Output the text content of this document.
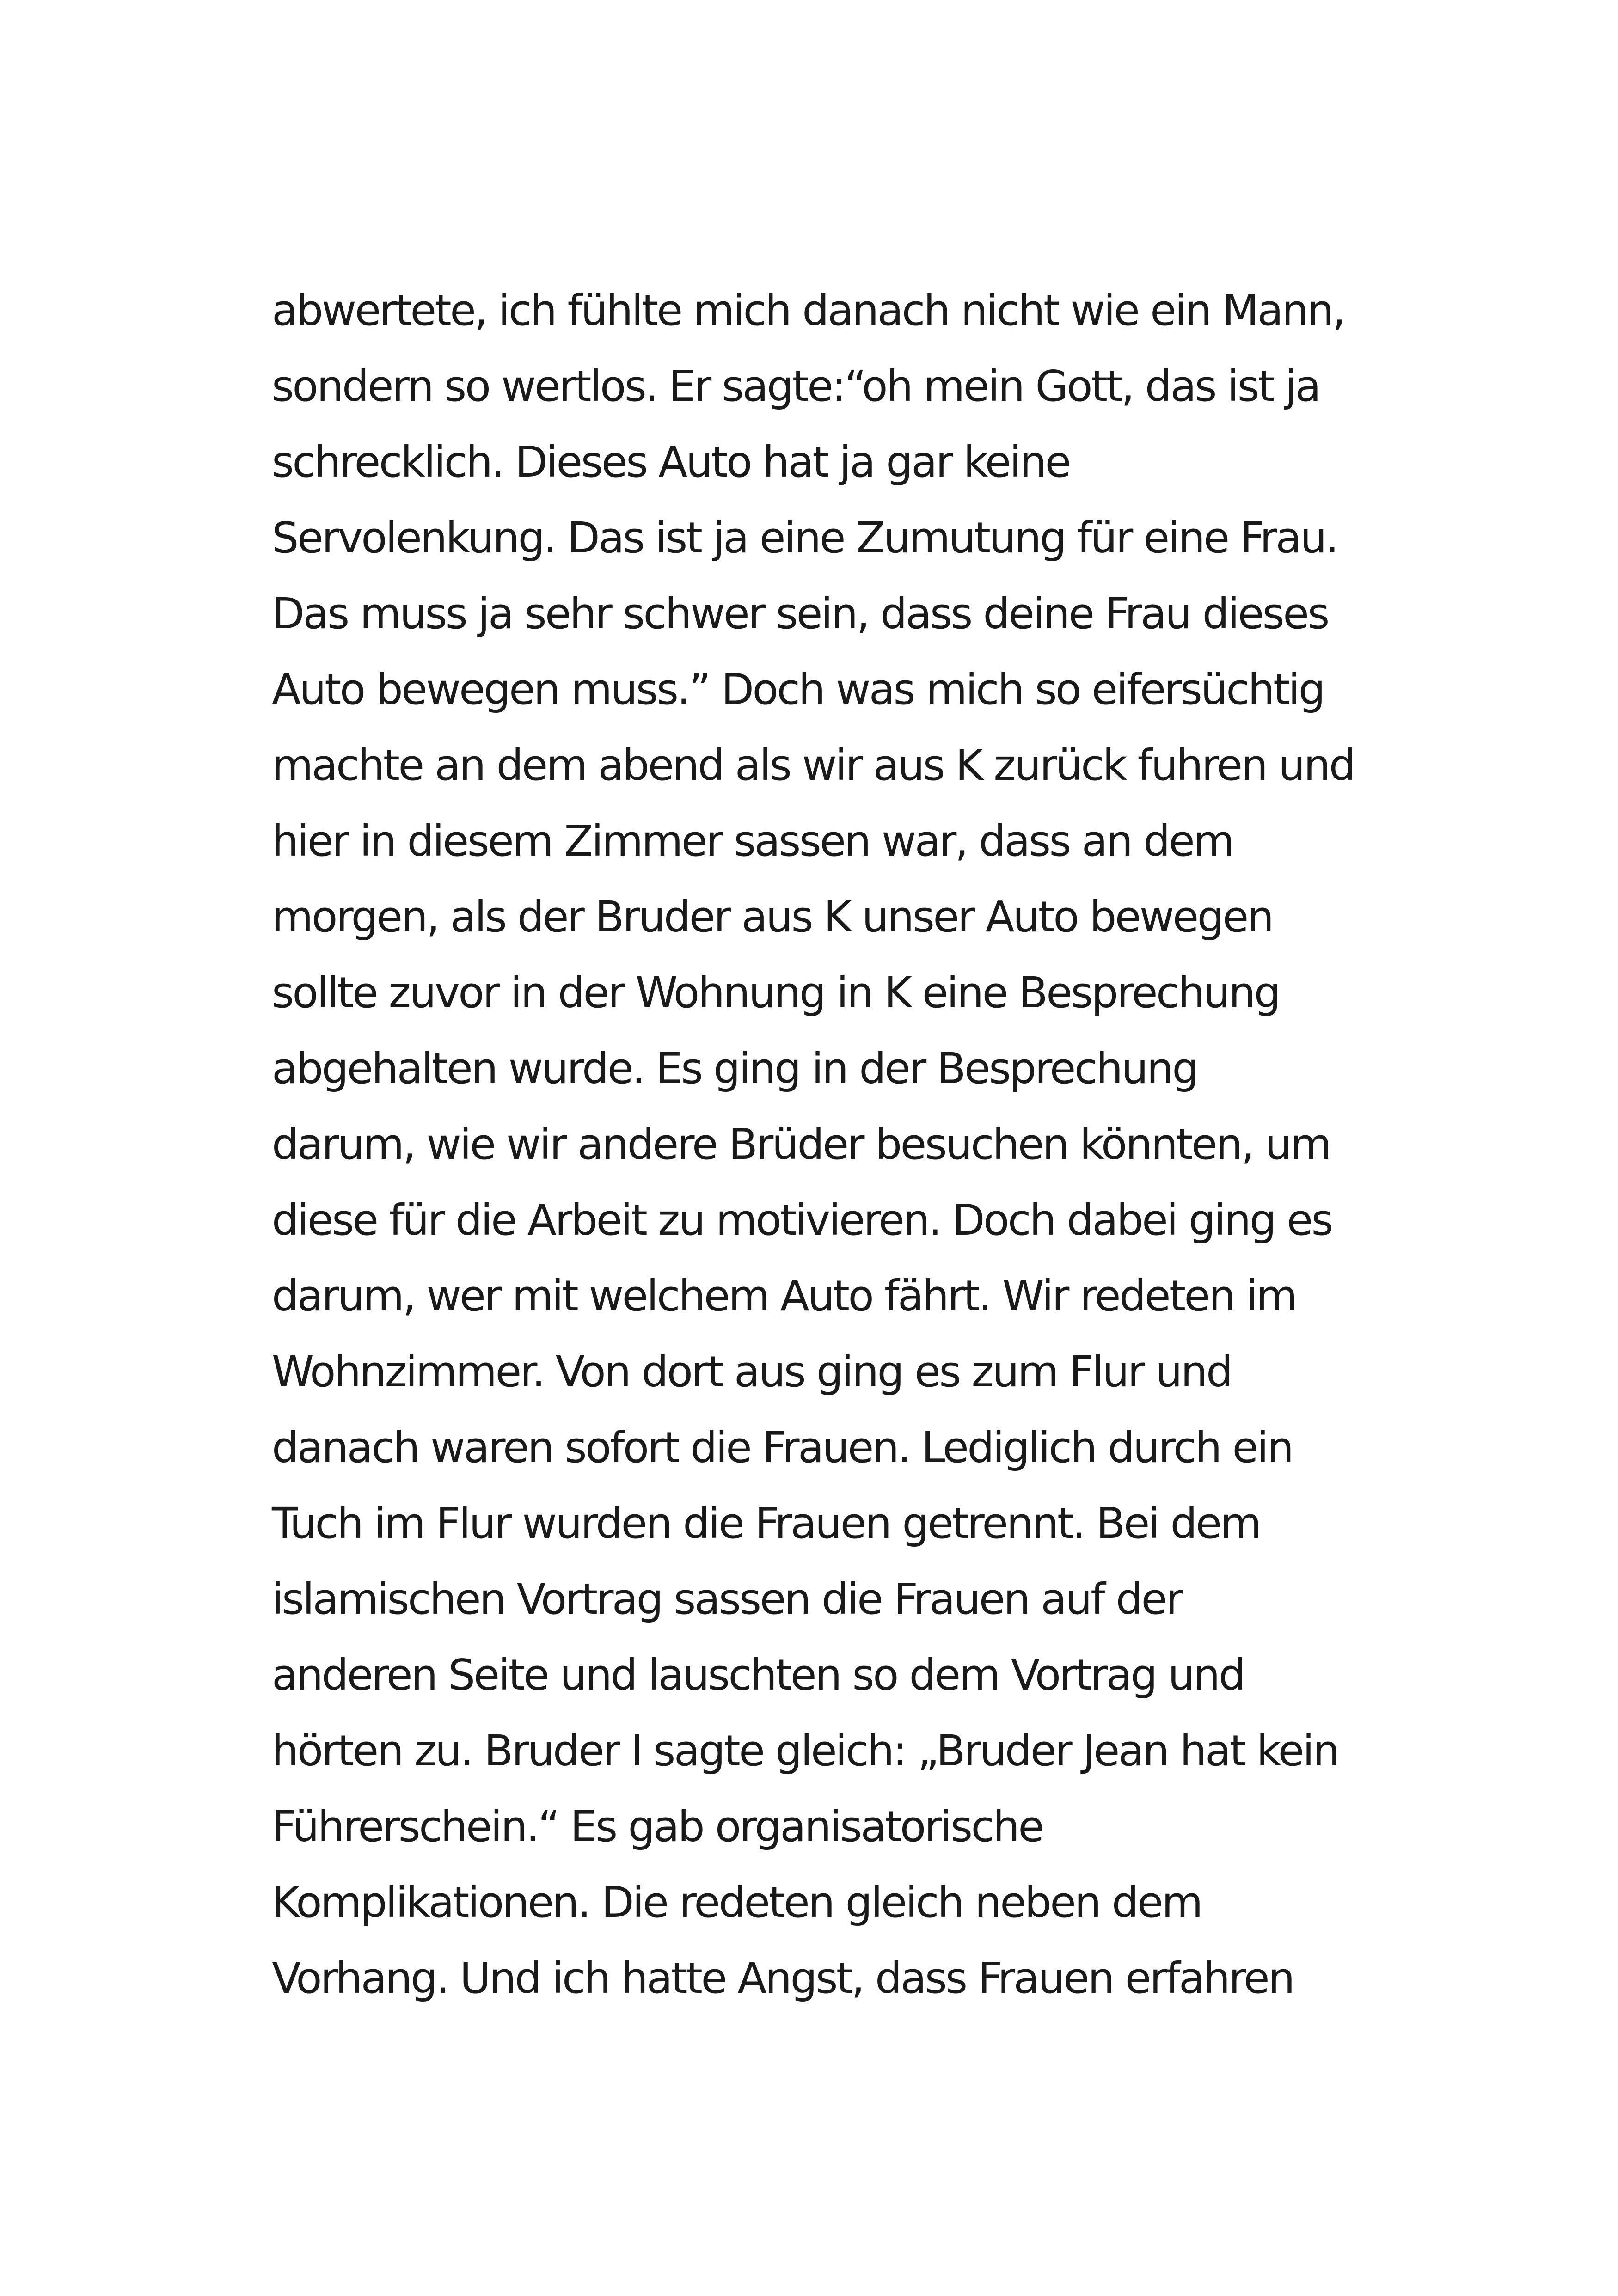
abwertete, ich fühlte mich danach nicht wie ein Mann,
sondern so wertlos. Er sagte:“oh mein Gott, das ist ja
schrecklich. Dieses Auto hat ja gar keine
Servolenkung. Das ist ja eine Zumutung für eine Frau.
Das muss ja sehr schwer sein, dass deine Frau dieses
Auto bewegen muss.” Doch was mich so eifersüchtig
machte an dem abend als wir aus K zurück fuhren und
hier in diesem Zimmer sassen war, dass an dem
morgen, als der Bruder aus K unser Auto bewegen
sollte zuvor in der Wohnung in K eine Besprechung
abgehalten wurde. Es ging in der Besprechung
darum, wie wir andere Brüder besuchen könnten, um
diese für die Arbeit zu motivieren. Doch dabei ging es
darum, wer mit welchem Auto fährt. Wir redeten im
Wohnzimmer. Von dort aus ging es zum Flur und
danach waren sofort die Frauen. Lediglich durch ein
Tuch im Flur wurden die Frauen getrennt. Bei dem
islamischen Vortrag sassen die Frauen auf der
anderen Seite und lauschten so dem Vortrag und
hörten zu. Bruder I sagte gleich: „Bruder Jean hat kein
Führerschein.“ Es gab organisatorische
Komplikationen. Die redeten gleich neben dem
Vorhang. Und ich hatte Angst, dass Frauen erfahren
